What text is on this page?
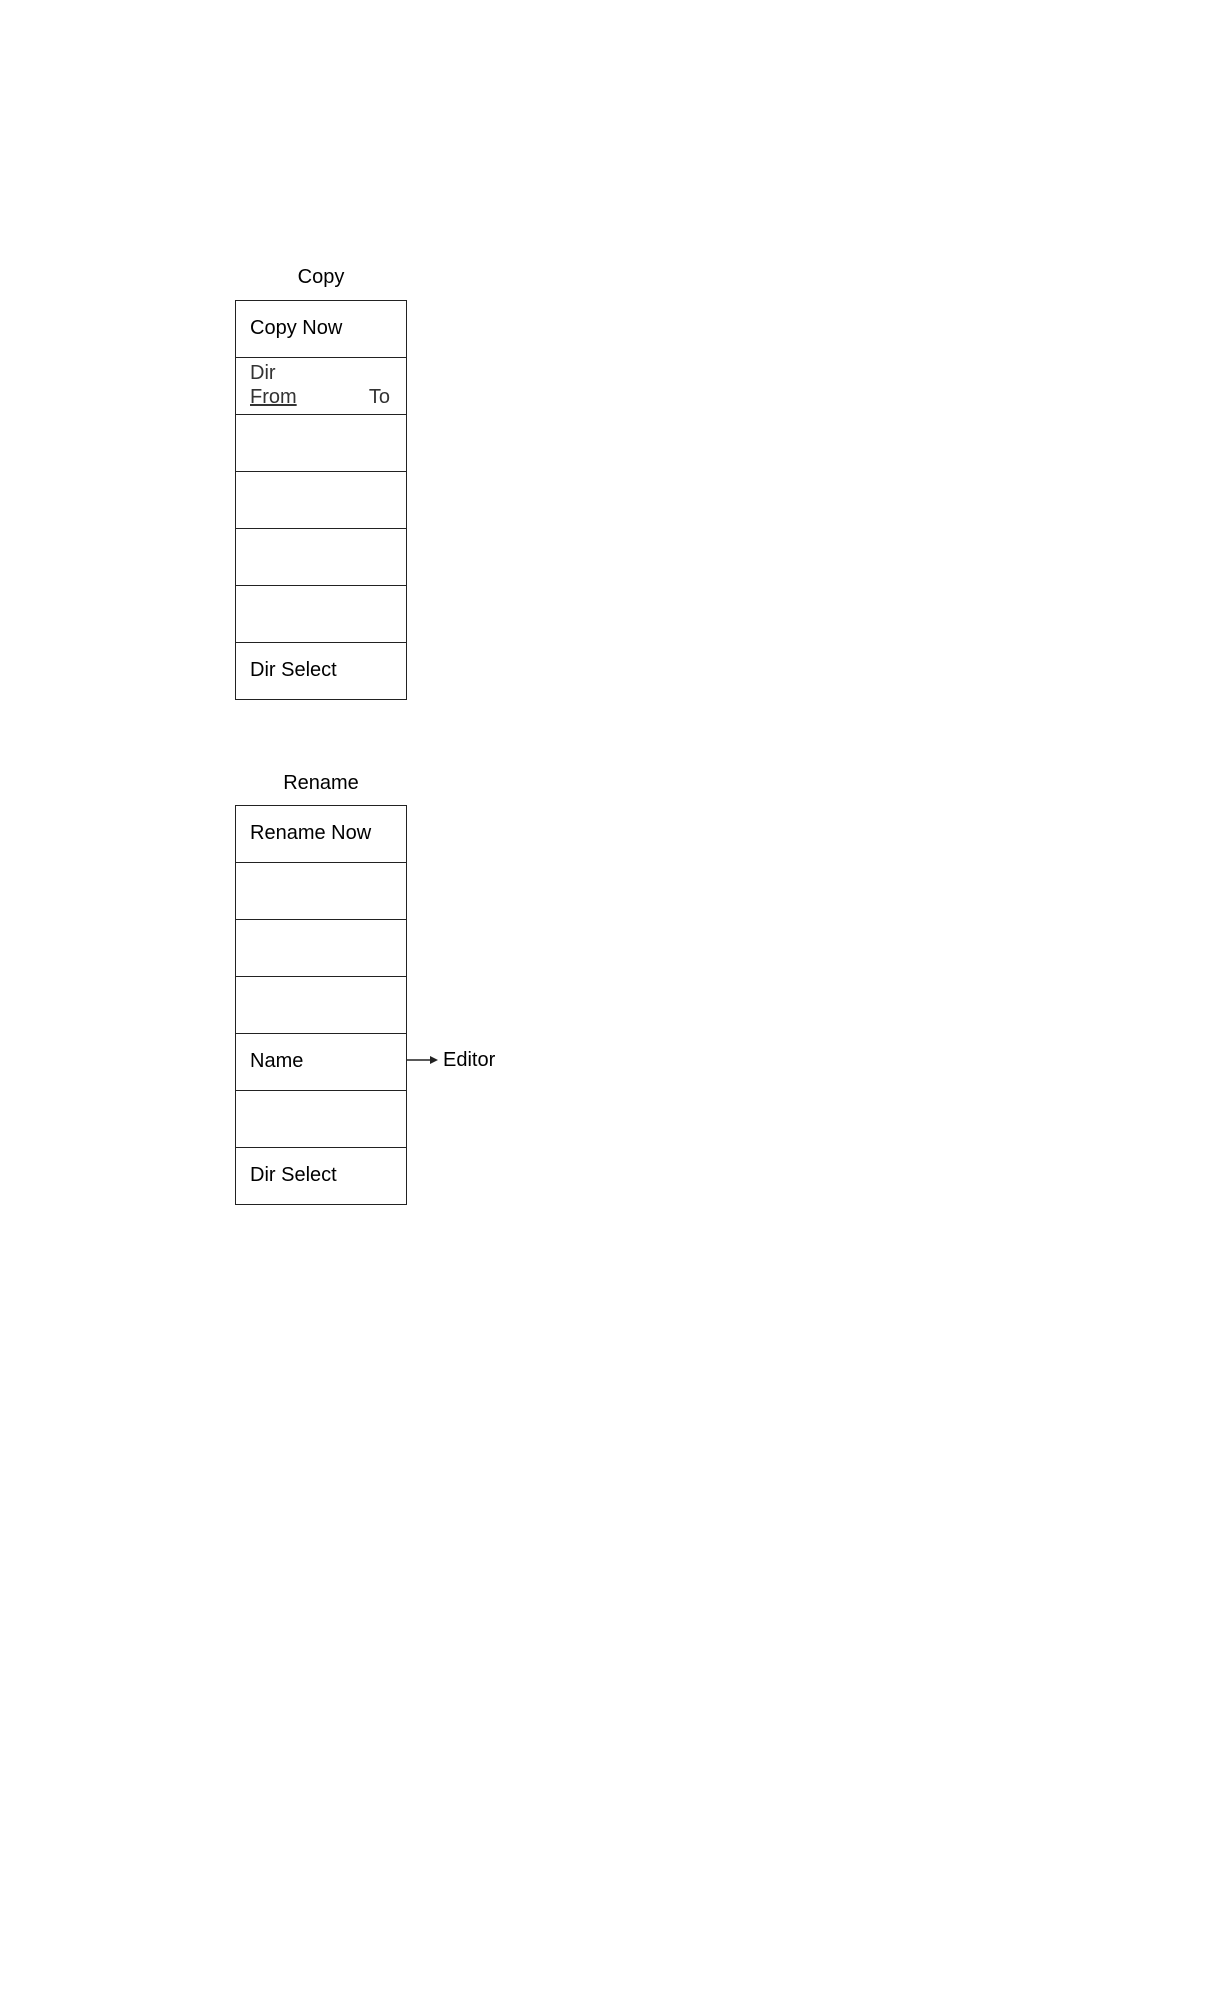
Copy
Copy Now
Dir
From	To
Dir Select
Rename
Rename Now
Name
Dir Select
Editor
